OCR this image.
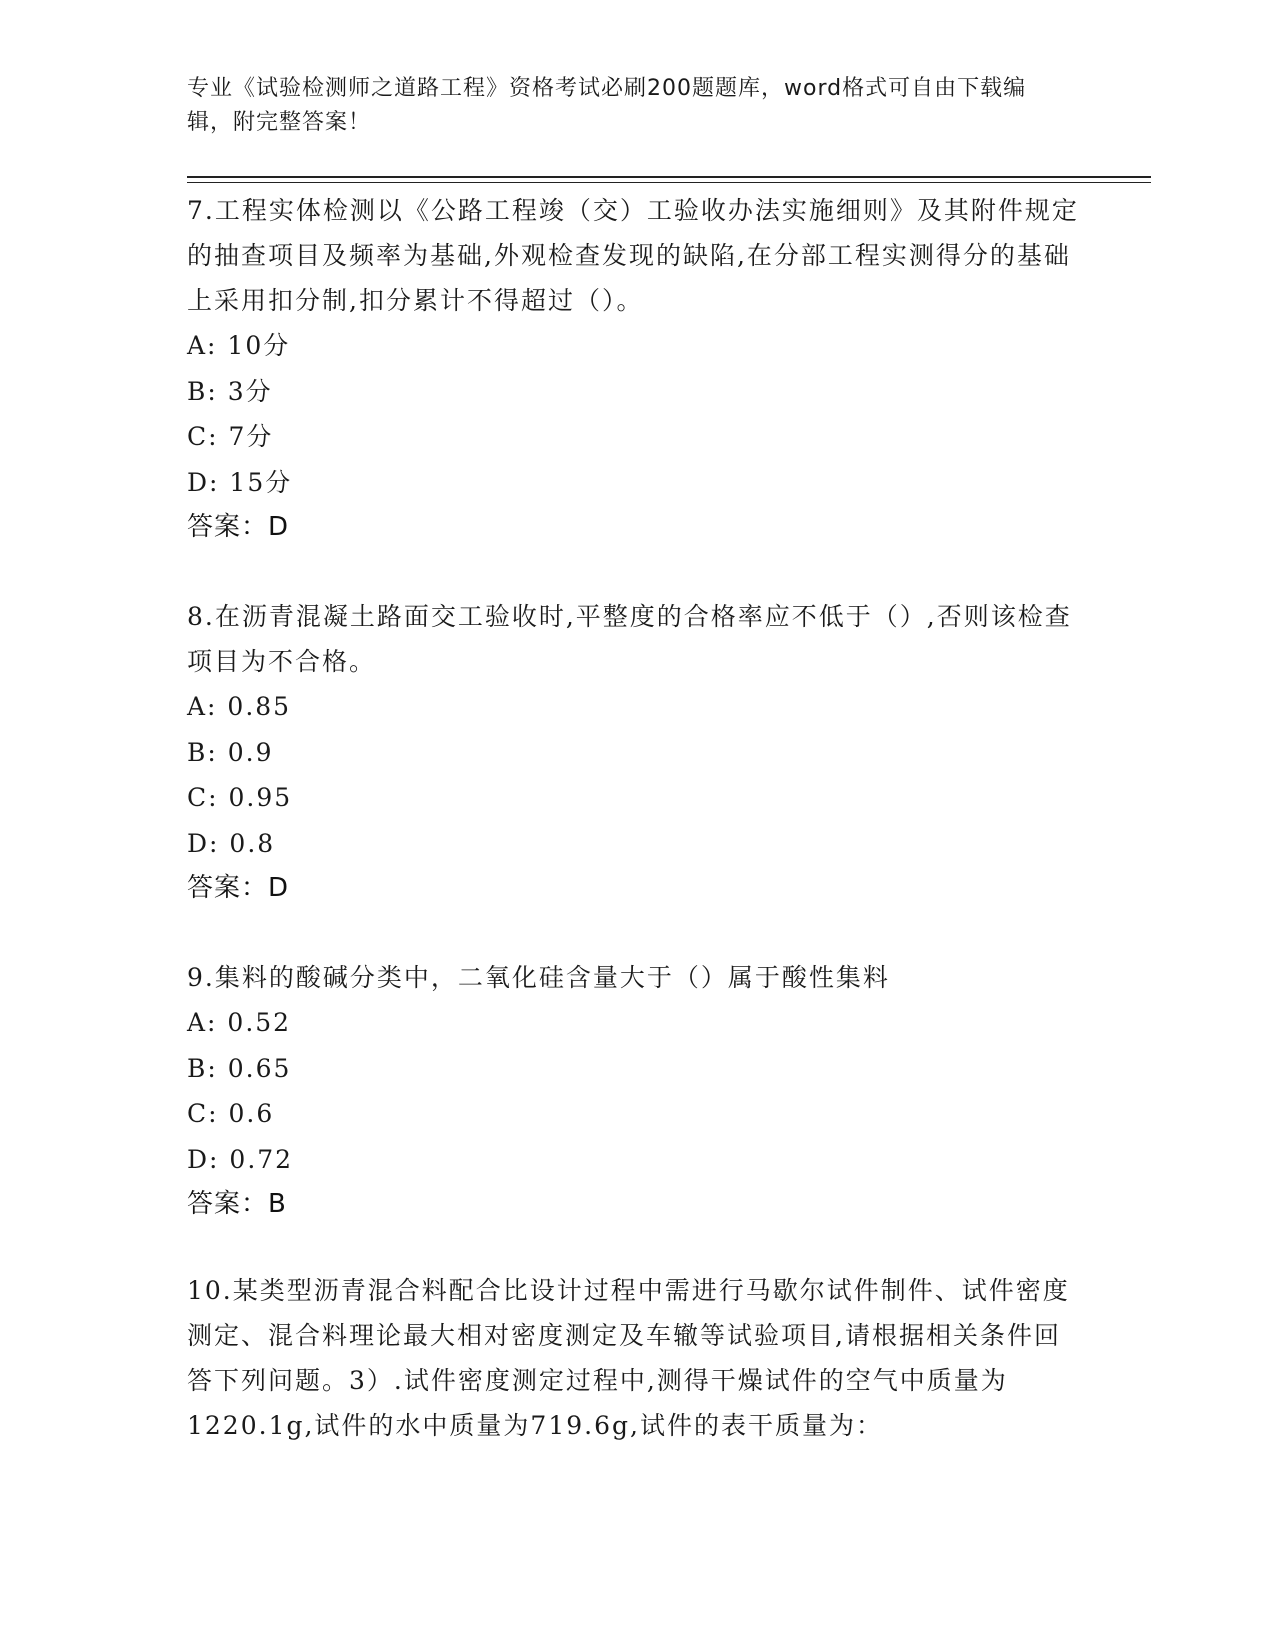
专业《试验检测师之道路工程》资格考试必刷200题题库，word格式可自由下载编辑，附完整答案！

7.工程实体检测以《公路工程竣（交）工验收办法实施细则》及其附件规定的抽查项目及频率为基础,外观检查发现的缺陷,在分部工程实测得分的基础上采用扣分制,扣分累计不得超过（）。

A: 10分

B: 3分

C: 7分

D: 15分

答案：D

8.在沥青混凝土路面交工验收时,平整度的合格率应不低于（）,否则该检查项目为不合格。

A: 0.85

B: 0.9

C: 0.95

D: 0.8

答案：D

9.集料的酸碱分类中，二氧化硅含量大于（）属于酸性集料

A: 0.52

B: 0.65

C: 0.6

D: 0.72

答案：B

10.某类型沥青混合料配合比设计过程中需进行马歇尔试件制件、试件密度测定、混合料理论最大相对密度测定及车辙等试验项目,请根据相关条件回答下列问题。3）.试件密度测定过程中,测得干燥试件的空气中质量为1220.1g,试件的水中质量为719.6g,试件的表干质量为：
